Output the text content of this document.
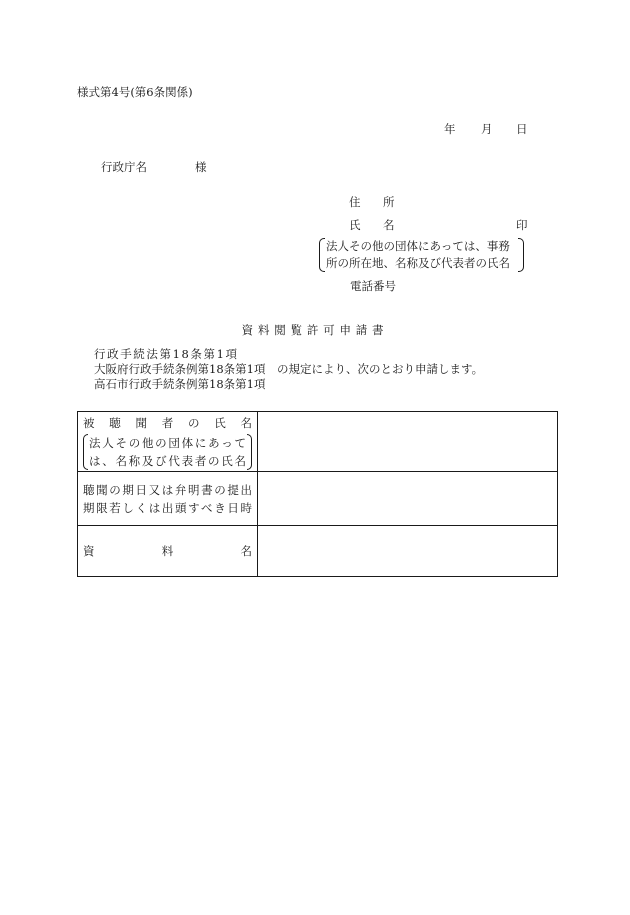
様式第4号(第6条関係)
年 月 日
行政庁名	様
住 所
氏 名	印
法人その他の団体にあっては、事務
所の所在地、名称及び代表者の氏名
電話番号
資料閲覧許可申請書
行政手続法第18条第1項
大阪府行政手続条例第18条第1項 の規定により、次のとおり申請します。
高石市行政手続条例第18条第1項
被聴聞者の氏名
法人その他の団体にあって
は、名称及び代表者の氏名	

聴聞の期日又は弁明書の提出
期限若しくは出頭すべき日時	

資料名	
